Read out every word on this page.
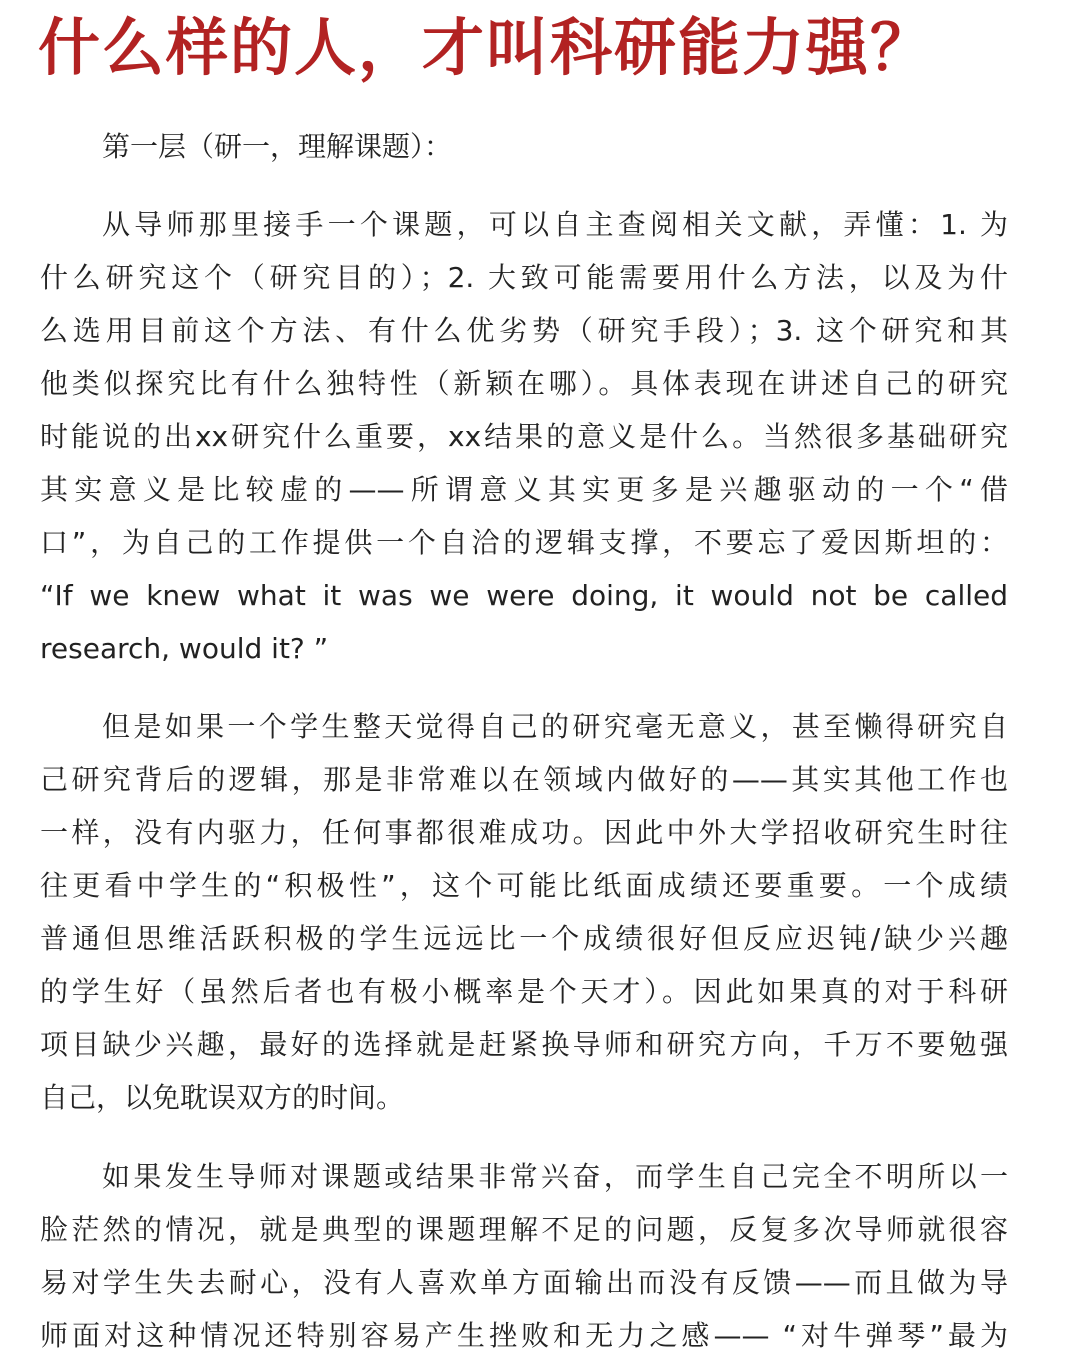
什么样的人，才叫科研能力强？
第一层（研一，理解课题）：
从导师那里接手一个课题，可以自主查阅相关文献，弄懂：1. 为
什么研究这个（研究目的）；2. 大致可能需要用什么方法，以及为什
么选用目前这个方法、有什么优劣势（研究手段）；3. 这个研究和其
他类似探究比有什么独特性（新颖在哪）。具体表现在讲述自己的研究
时能说的出xx研究什么重要，xx结果的意义是什么。当然很多基础研究
其实意义是比较虚的——所谓意义其实更多是兴趣驱动的一个“借
口”，为自己的工作提供一个自洽的逻辑支撑，不要忘了爱因斯坦的：
“If we knew what it was we were doing, it would not be called
research, would it? ”
但是如果一个学生整天觉得自己的研究毫无意义，甚至懒得研究自
己研究背后的逻辑，那是非常难以在领域内做好的——其实其他工作也
一样，没有内驱力，任何事都很难成功。因此中外大学招收研究生时往
往更看中学生的“积极性”，这个可能比纸面成绩还要重要。一个成绩
普通但思维活跃积极的学生远远比一个成绩很好但反应迟钝/缺少兴趣
的学生好（虽然后者也有极小概率是个天才）。因此如果真的对于科研
项目缺少兴趣，最好的选择就是赶紧换导师和研究方向，千万不要勉强
自己，以免耽误双方的时间。
如果发生导师对课题或结果非常兴奋，而学生自己完全不明所以一
脸茫然的情况，就是典型的课题理解不足的问题，反复多次导师就很容
易对学生失去耐心，没有人喜欢单方面输出而没有反馈——而且做为导
师面对这种情况还特别容易产生挫败和无力之感—— “对牛弹琴”最为
